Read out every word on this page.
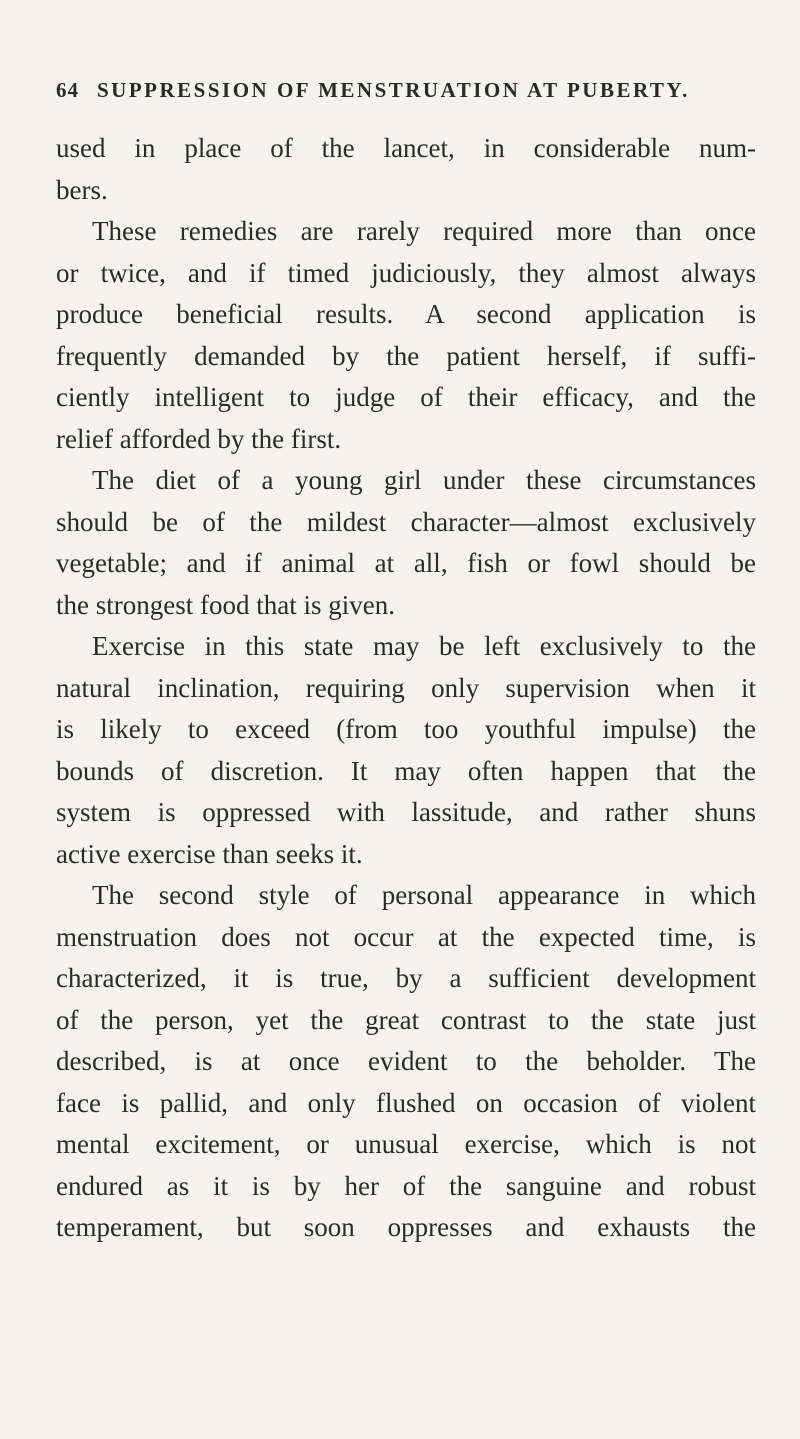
64 SUPPRESSION OF MENSTRUATION AT PUBERTY.
used in place of the lancet, in considerable num-
bers.
These remedies are rarely required more than once
or twice, and if timed judiciously, they almost always
produce beneficial results. A second application is
frequently demanded by the patient herself, if suffi-
ciently intelligent to judge of their efficacy, and the
relief afforded by the first.
The diet of a young girl under these circumstances
should be of the mildest character—almost exclusively
vegetable; and if animal at all, fish or fowl should be
the strongest food that is given.
Exercise in this state may be left exclusively to the
natural inclination, requiring only supervision when it
is likely to exceed (from too youthful impulse) the
bounds of discretion. It may often happen that the
system is oppressed with lassitude, and rather shuns
active exercise than seeks it.
The second style of personal appearance in which
menstruation does not occur at the expected time, is
characterized, it is true, by a sufficient development
of the person, yet the great contrast to the state just
described, is at once evident to the beholder. The
face is pallid, and only flushed on occasion of violent
mental excitement, or unusual exercise, which is not
endured as it is by her of the sanguine and robust
temperament, but soon oppresses and exhausts the
